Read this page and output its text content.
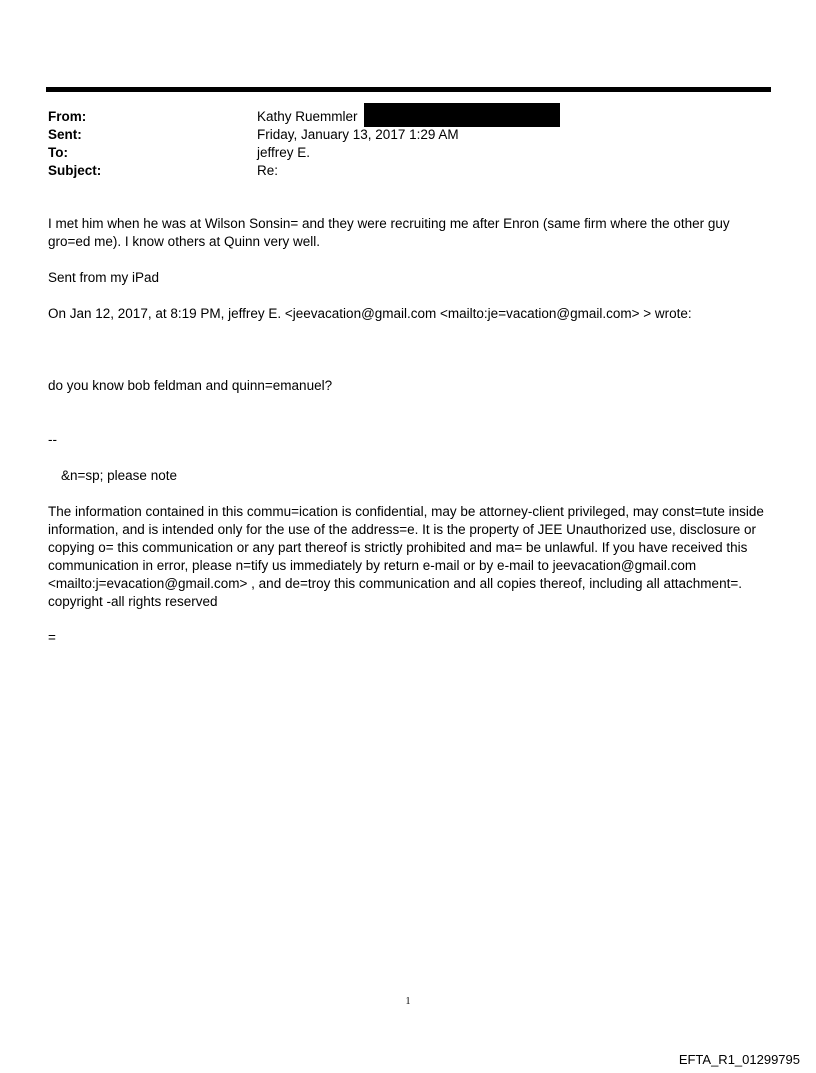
From:	Kathy Ruemmler
Sent:	Friday, January 13, 2017 1:29 AM
To:	jeffrey E.
Subject:	Re:

I met him when he was at Wilson Sonsin= and they were recruiting me after Enron (same firm where the other guy gro=ed me). I know others at Quinn very well.

Sent from my iPad

On Jan 12, 2017, at 8:19 PM, jeffrey E. <jeevacation@gmail.com <mailto:je=vacation@gmail.com> > wrote:

do you know bob feldman and quinn=emanuel?

--

&n=sp; please note

The information contained in this commu=ication is confidential, may be attorney-client privileged, may const=tute inside information, and is intended only for the use of the address=e. It is the property of JEE Unauthorized use, disclosure or copying o= this communication or any part thereof is strictly prohibited and ma= be unlawful. If you have received this communication in error, please n=tify us immediately by return e-mail or by e-mail to jeevacation@gmail.com <mailto:j=evacation@gmail.com> , and de=troy this communication and all copies thereof, including all attachment=. copyright -all rights reserved

=

1
EFTA_R1_01299795
